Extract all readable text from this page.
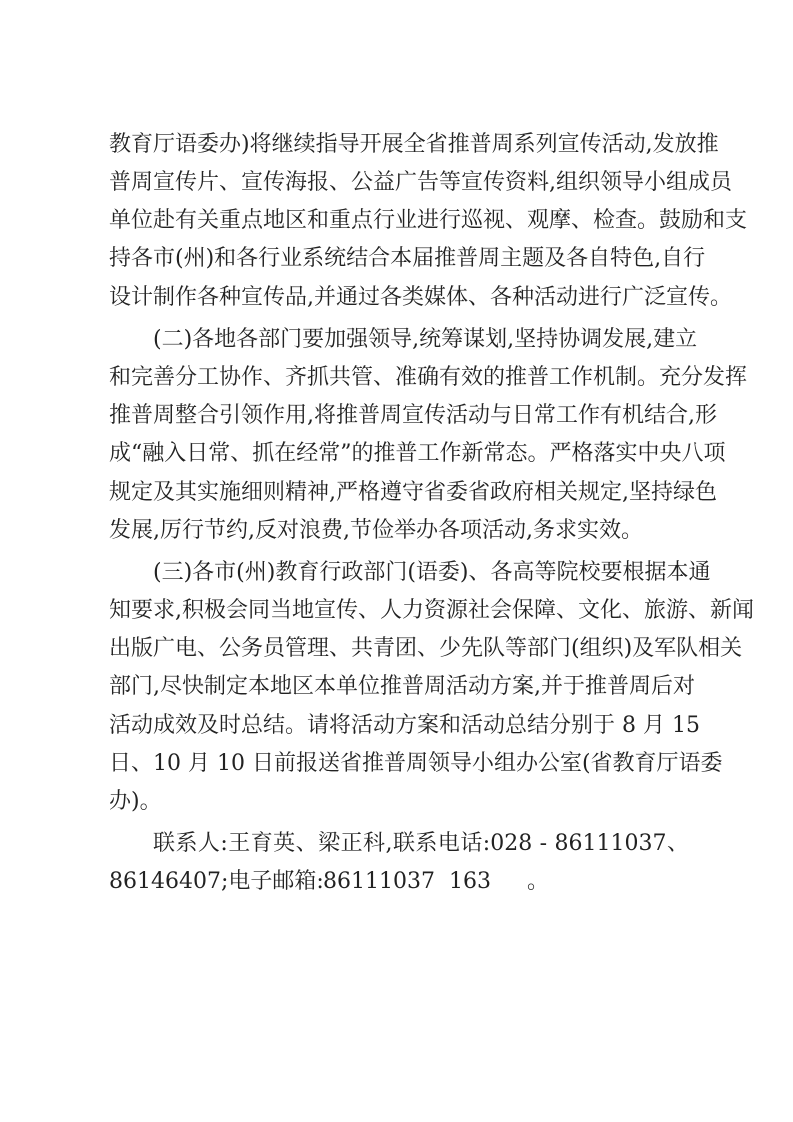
教育厅语委办)将继续指导开展全省推普周系列宣传活动,发放推
普周宣传片、宣传海报、公益广告等宣传资料,组织领导小组成员
单位赴有关重点地区和重点行业进行巡视、观摩、检查。鼓励和支
持各市(州)和各行业系统结合本届推普周主题及各自特色,自行
设计制作各种宣传品,并通过各类媒体、各种活动进行广泛宣传。
(二)各地各部门要加强领导,统筹谋划,坚持协调发展,建立
和完善分工协作、齐抓共管、准确有效的推普工作机制。充分发挥
推普周整合引领作用,将推普周宣传活动与日常工作有机结合,形
成“融入日常、抓在经常”的推普工作新常态。严格落实中央八项
规定及其实施细则精神,严格遵守省委省政府相关规定,坚持绿色
发展,厉行节约,反对浪费,节俭举办各项活动,务求实效。
(三)各市(州)教育行政部门(语委)、各高等院校要根据本通
知要求,积极会同当地宣传、人力资源社会保障、文化、旅游、新闻
出版广电、公务员管理、共青团、少先队等部门(组织)及军队相关
部门,尽快制定本地区本单位推普周活动方案,并于推普周后对
活动成效及时总结。请将活动方案和活动总结分别于 8 月 15
日、10 月 10 日前报送省推普周领导小组办公室(省教育厅语委
办)。
联系人:王育英、梁正科,联系电话:028 - 86111037、
86146407;电子邮箱: 86111037 163 。
